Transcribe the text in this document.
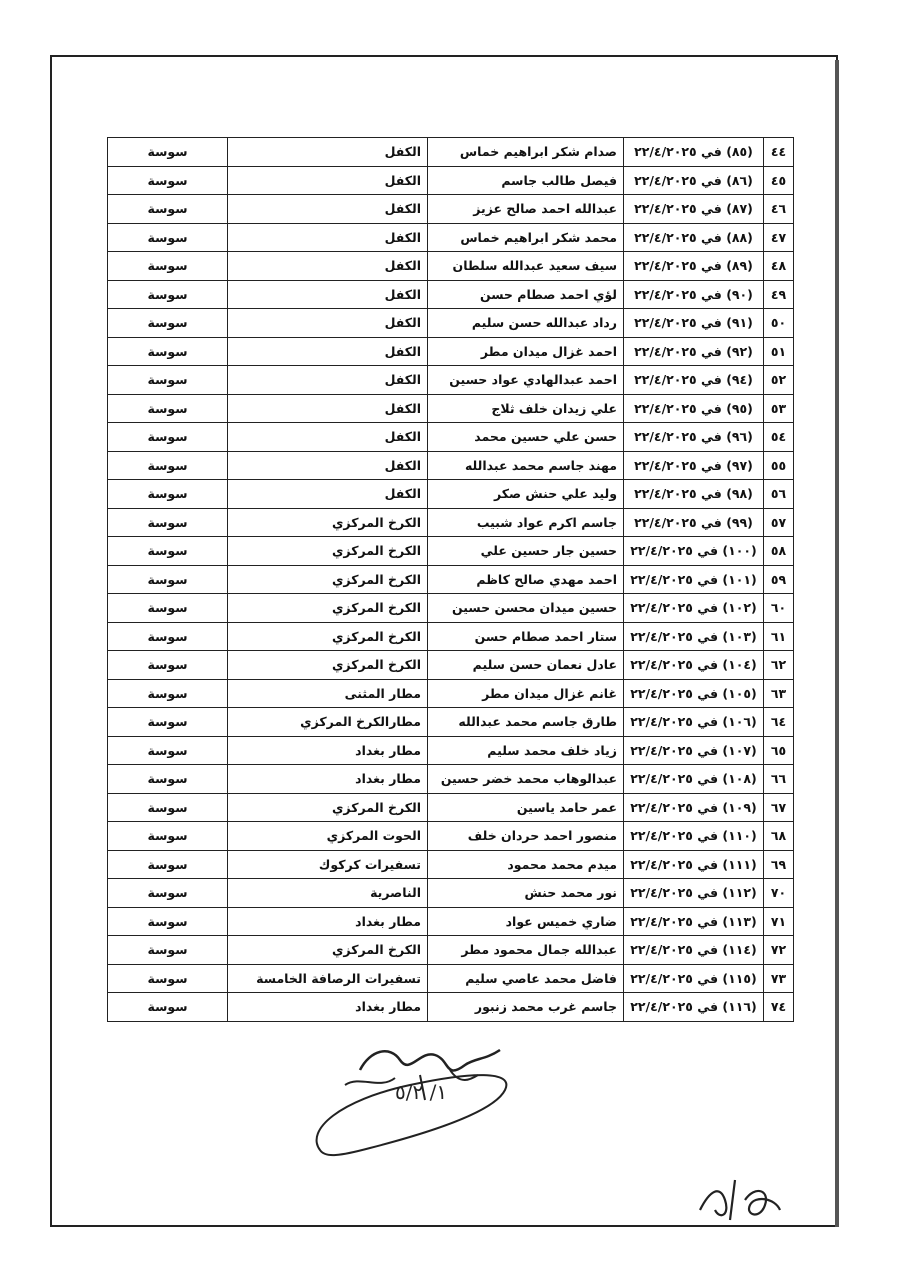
٤٤	(٨٥) في ٢٢/٤/٢٠٢٥	صدام شكر ابراهيم خماس	الكفل	سوسة
٤٥	(٨٦) في ٢٢/٤/٢٠٢٥	فيصل طالب جاسم	الكفل	سوسة
٤٦	(٨٧) في ٢٢/٤/٢٠٢٥	عبدالله احمد صالح عزيز	الكفل	سوسة
٤٧	(٨٨) في ٢٢/٤/٢٠٢٥	محمد شكر ابراهيم خماس	الكفل	سوسة
٤٨	(٨٩) في ٢٢/٤/٢٠٢٥	سيف سعيد عبدالله سلطان	الكفل	سوسة
٤٩	(٩٠) في ٢٢/٤/٢٠٢٥	لؤي احمد صطام حسن	الكفل	سوسة
٥٠	(٩١) في ٢٢/٤/٢٠٢٥	رداد عبدالله حسن سليم	الكفل	سوسة
٥١	(٩٢) في ٢٢/٤/٢٠٢٥	احمد غزال ميدان مطر	الكفل	سوسة
٥٢	(٩٤) في ٢٢/٤/٢٠٢٥	احمد عبدالهادي عواد حسين	الكفل	سوسة
٥٣	(٩٥) في ٢٢/٤/٢٠٢٥	علي زيدان خلف ثلاج	الكفل	سوسة
٥٤	(٩٦) في ٢٢/٤/٢٠٢٥	حسن علي حسين محمد	الكفل	سوسة
٥٥	(٩٧) في ٢٢/٤/٢٠٢٥	مهند جاسم محمد عبدالله	الكفل	سوسة
٥٦	(٩٨) في ٢٢/٤/٢٠٢٥	وليد علي حنش صكر	الكفل	سوسة
٥٧	(٩٩) في ٢٢/٤/٢٠٢٥	جاسم اكرم عواد شبيب	الكرخ المركزي	سوسة
٥٨	(١٠٠) في ٢٢/٤/٢٠٢٥	حسين جار حسين علي	الكرخ المركزي	سوسة
٥٩	(١٠١) في ٢٢/٤/٢٠٢٥	احمد مهدي صالح كاظم	الكرخ المركزي	سوسة
٦٠	(١٠٢) في ٢٢/٤/٢٠٢٥	حسين ميدان محسن حسين	الكرخ المركزي	سوسة
٦١	(١٠٣) في ٢٢/٤/٢٠٢٥	ستار احمد صطام حسن	الكرخ المركزي	سوسة
٦٢	(١٠٤) في ٢٢/٤/٢٠٢٥	عادل نعمان حسن سليم	الكرخ المركزي	سوسة
٦٣	(١٠٥) في ٢٢/٤/٢٠٢٥	غانم غزال ميدان مطر	مطار المثنى	سوسة
٦٤	(١٠٦) في ٢٢/٤/٢٠٢٥	طارق جاسم محمد عبدالله	مطارالكرخ المركزي	سوسة
٦٥	(١٠٧) في ٢٢/٤/٢٠٢٥	زياد خلف محمد سليم	مطار بغداد	سوسة
٦٦	(١٠٨) في ٢٢/٤/٢٠٢٥	عبدالوهاب محمد خضر حسين	مطار بغداد	سوسة
٦٧	(١٠٩) في ٢٢/٤/٢٠٢٥	عمر حامد ياسين	الكرخ المركزي	سوسة
٦٨	(١١٠) في ٢٢/٤/٢٠٢٥	منصور احمد حردان خلف	الحوت المركزي	سوسة
٦٩	(١١١) في ٢٢/٤/٢٠٢٥	ميدم محمد محمود	تسفيرات كركوك	سوسة
٧٠	(١١٢) في ٢٢/٤/٢٠٢٥	نور محمد حنش	الناصرية	سوسة
٧١	(١١٣) في ٢٢/٤/٢٠٢٥	ضاري خميس عواد	مطار بغداد	سوسة
٧٢	(١١٤) في ٢٢/٤/٢٠٢٥	عبدالله جمال محمود مطر	الكرخ المركزي	سوسة
٧٣	(١١٥) في ٢٢/٤/٢٠٢٥	فاضل محمد عاصي سليم	تسفيرات الرصافة الخامسة	سوسة
٧٤	(١١٦) في ٢٢/٤/٢٠٢٥	جاسم غرب محمد زنبور	مطار بغداد	سوسة
١/ ٥/٢
